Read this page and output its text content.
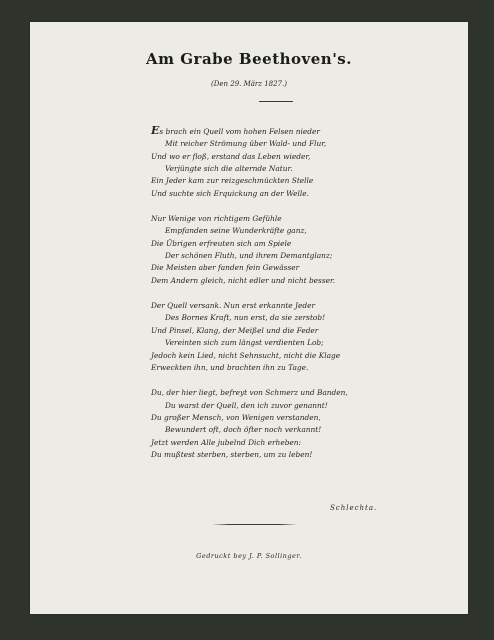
Am Grabe Beethoven's.
(Den 29. März 1827.)
Es brach ein Quell vom hohen Felsen nieder
Mit reicher Strömung über Wald- und Flur,
Und wo er floß, erstand das Leben wieder,
Verjüngte sich die alternde Natur.
Ein Jeder kam zur reizgeschmückten Stelle
Und suchte sich Erquickung an der Welle.
Nur Wenige von richtigem Gefühle
Empfanden seine Wunderkräfte ganz,
Die Übrigen erfreuten sich am Spiele
Der schönen Fluth, und ihrem Demantglanz;
Die Meisten aber fanden fein Gewässer
Dem Andern gleich, nicht edler und nicht besser.
Der Quell versank. Nun erst erkannte Jeder
Des Bornes Kraft, nun erst, da sie zerstob!
Und Pinsel, Klang, der Meißel und die Feder
Vereinten sich zum längst verdienten Lob;
Jedoch kein Lied, nicht Sehnsucht, nicht die Klage
Erweckten ihn, und brachten ihn zu Tage.
Du, der hier liegt, befreyt von Schmerz und Banden,
Du warst der Quell, den ich zuvor genannt!
Du großer Mensch, von Wenigen verstanden,
Bewundert oft, doch öfter noch verkannt!
Jetzt werden Alle jubelnd Dich erheben:
Du mußtest sterben, sterben, um zu leben!
Schlechta.
Gedruckt bey J. P. Sollinger.
